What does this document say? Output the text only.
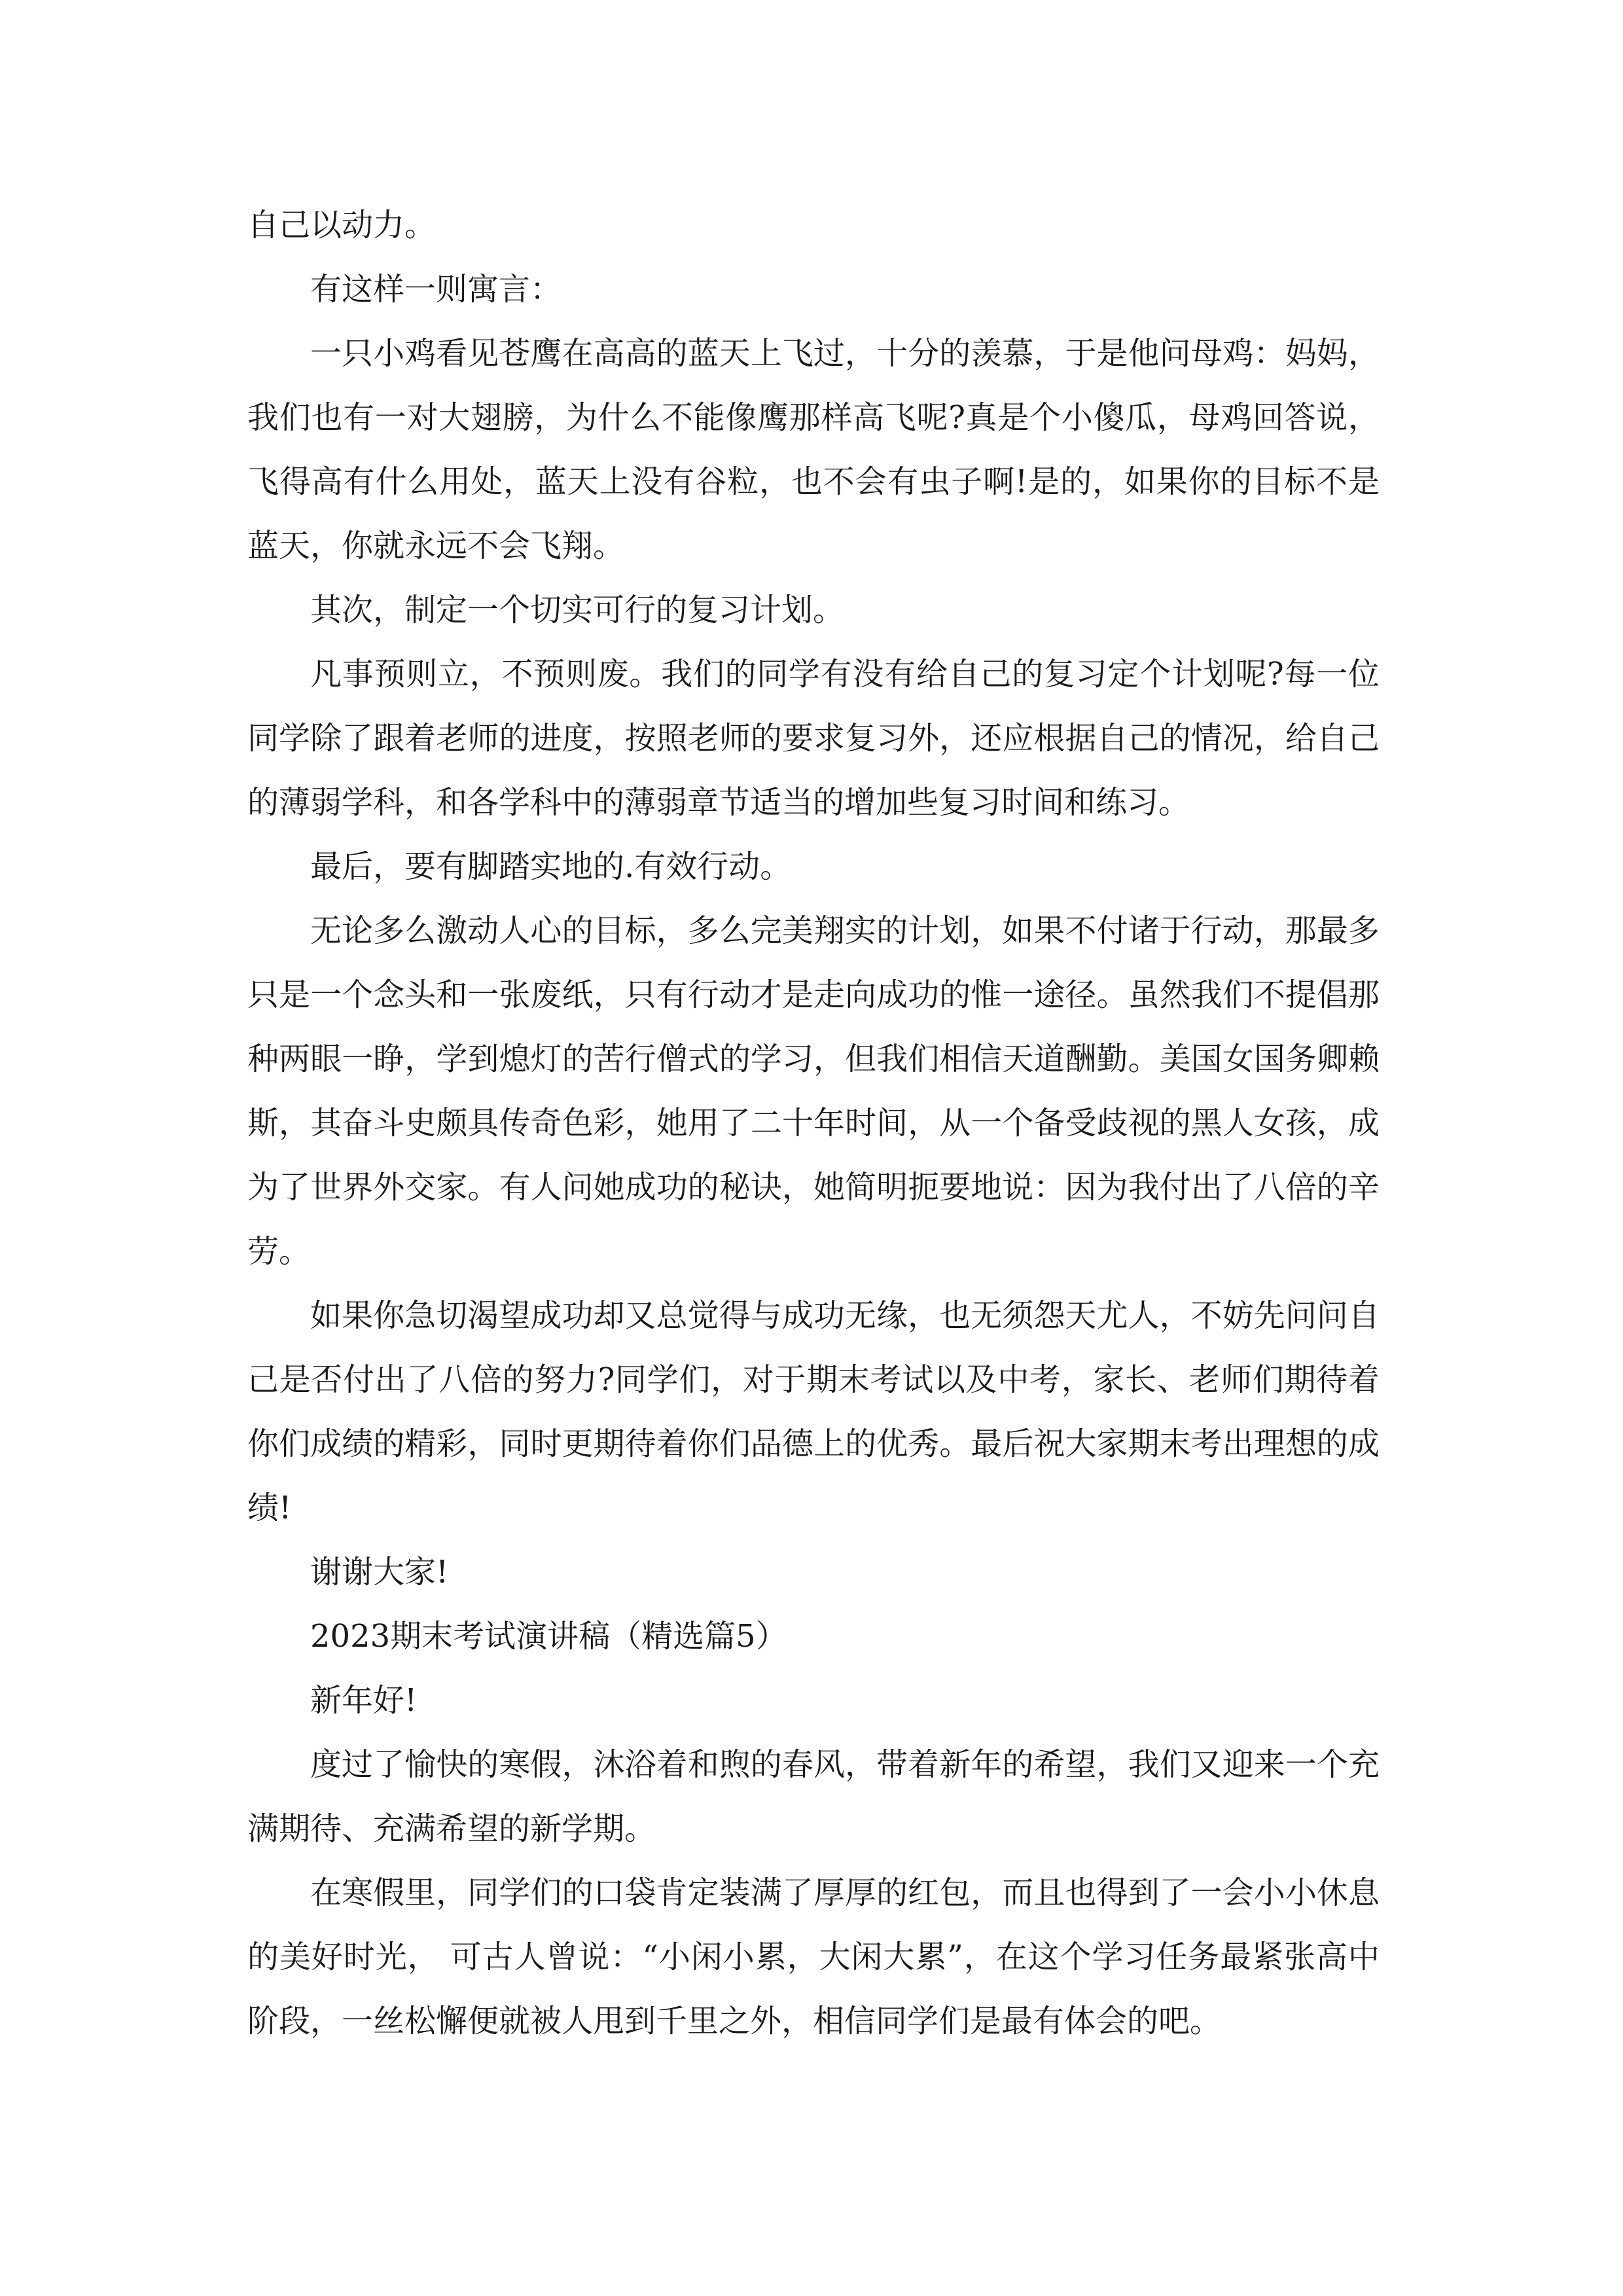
自己以动力。

有这样一则寓言：

一只小鸡看见苍鹰在高高的蓝天上飞过，十分的羡慕，于是他问母鸡：妈妈，我们也有一对大翅膀，为什么不能像鹰那样高飞呢?真是个小傻瓜，母鸡回答说，飞得高有什么用处，蓝天上没有谷粒，也不会有虫子啊!是的，如果你的目标不是蓝天，你就永远不会飞翔。

其次，制定一个切实可行的复习计划。

凡事预则立，不预则废。我们的同学有没有给自己的复习定个计划呢?每一位同学除了跟着老师的进度，按照老师的要求复习外，还应根据自己的情况，给自己的薄弱学科，和各学科中的薄弱章节适当的增加些复习时间和练习。

最后，要有脚踏实地的.有效行动。

无论多么激动人心的目标，多么完美翔实的计划，如果不付诸于行动，那最多只是一个念头和一张废纸，只有行动才是走向成功的惟一途径。虽然我们不提倡那种两眼一睁，学到熄灯的苦行僧式的学习，但我们相信天道酬勤。美国女国务卿赖斯，其奋斗史颇具传奇色彩，她用了二十年时间，从一个备受歧视的黑人女孩，成为了世界外交家。有人问她成功的秘诀，她简明扼要地说：因为我付出了八倍的辛劳。

如果你急切渴望成功却又总觉得与成功无缘，也无须怨天尤人，不妨先问问自己是否付出了八倍的努力?同学们，对于期末考试以及中考，家长、老师们期待着你们成绩的精彩，同时更期待着你们品德上的优秀。最后祝大家期末考出理想的成绩!

谢谢大家!

2023期末考试演讲稿（精选篇5）

新年好!

度过了愉快的寒假，沐浴着和煦的春风，带着新年的希望，我们又迎来一个充满期待、充满希望的新学期。

在寒假里，同学们的口袋肯定装满了厚厚的红包，而且也得到了一会小小休息的美好时光， 可古人曾说：“小闲小累，大闲大累”，在这个学习任务最紧张高中阶段，一丝松懈便就被人甩到千里之外，相信同学们是最有体会的吧。
